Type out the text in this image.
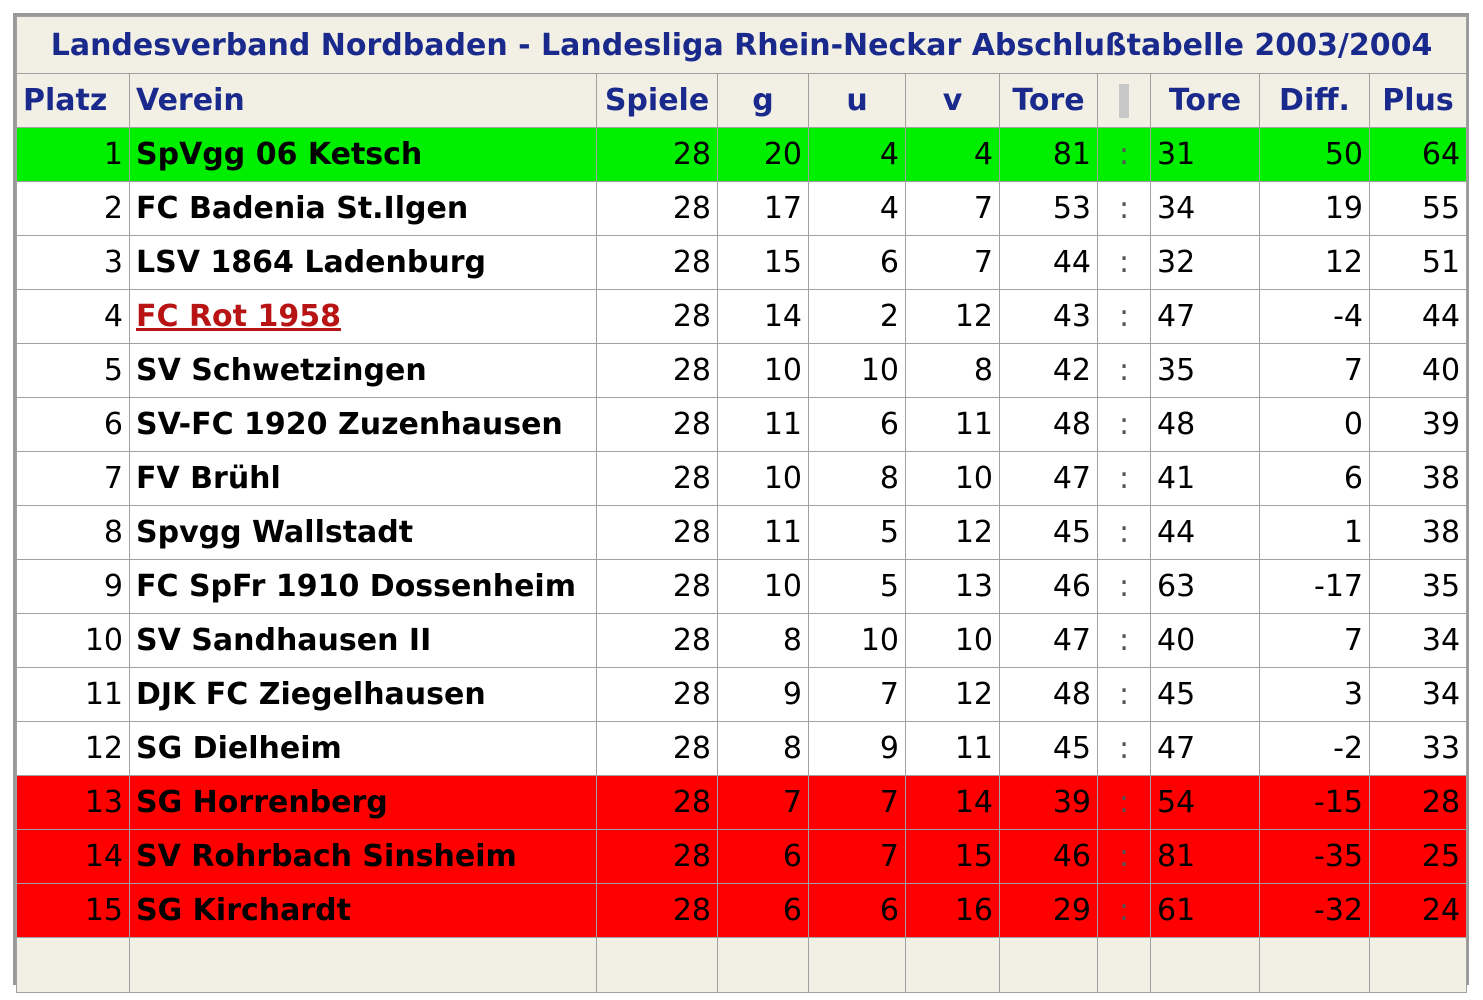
Landesverband Nordbaden - Landesliga Rhein-Neckar Abschlußtabelle 2003/2004										
Platz	Verein	Spiele	g	u	v	Tore		Tore	Diff.	Plus
1	SpVgg 06 Ketsch	28	20	4	4	81	:	31	50	64
2	FC Badenia St.Ilgen	28	17	4	7	53	:	34	19	55
3	LSV 1864 Ladenburg	28	15	6	7	44	:	32	12	51
4	FC Rot 1958	28	14	2	12	43	:	47	-4	44
5	SV Schwetzingen	28	10	10	8	42	:	35	7	40
6	SV-FC 1920 Zuzenhausen	28	11	6	11	48	:	48	0	39
7	FV Brühl	28	10	8	10	47	:	41	6	38
8	Spvgg Wallstadt	28	11	5	12	45	:	44	1	38
9	FC SpFr 1910 Dossenheim	28	10	5	13	46	:	63	-17	35
10	SV Sandhausen II	28	8	10	10	47	:	40	7	34
11	DJK FC Ziegelhausen	28	9	7	12	48	:	45	3	34
12	SG Dielheim	28	8	9	11	45	:	47	-2	33
13	SG Horrenberg	28	7	7	14	39	:	54	-15	28
14	SV Rohrbach Sinsheim	28	6	7	15	46	:	81	-35	25
15	SG Kirchardt	28	6	6	16	29	:	61	-32	24
